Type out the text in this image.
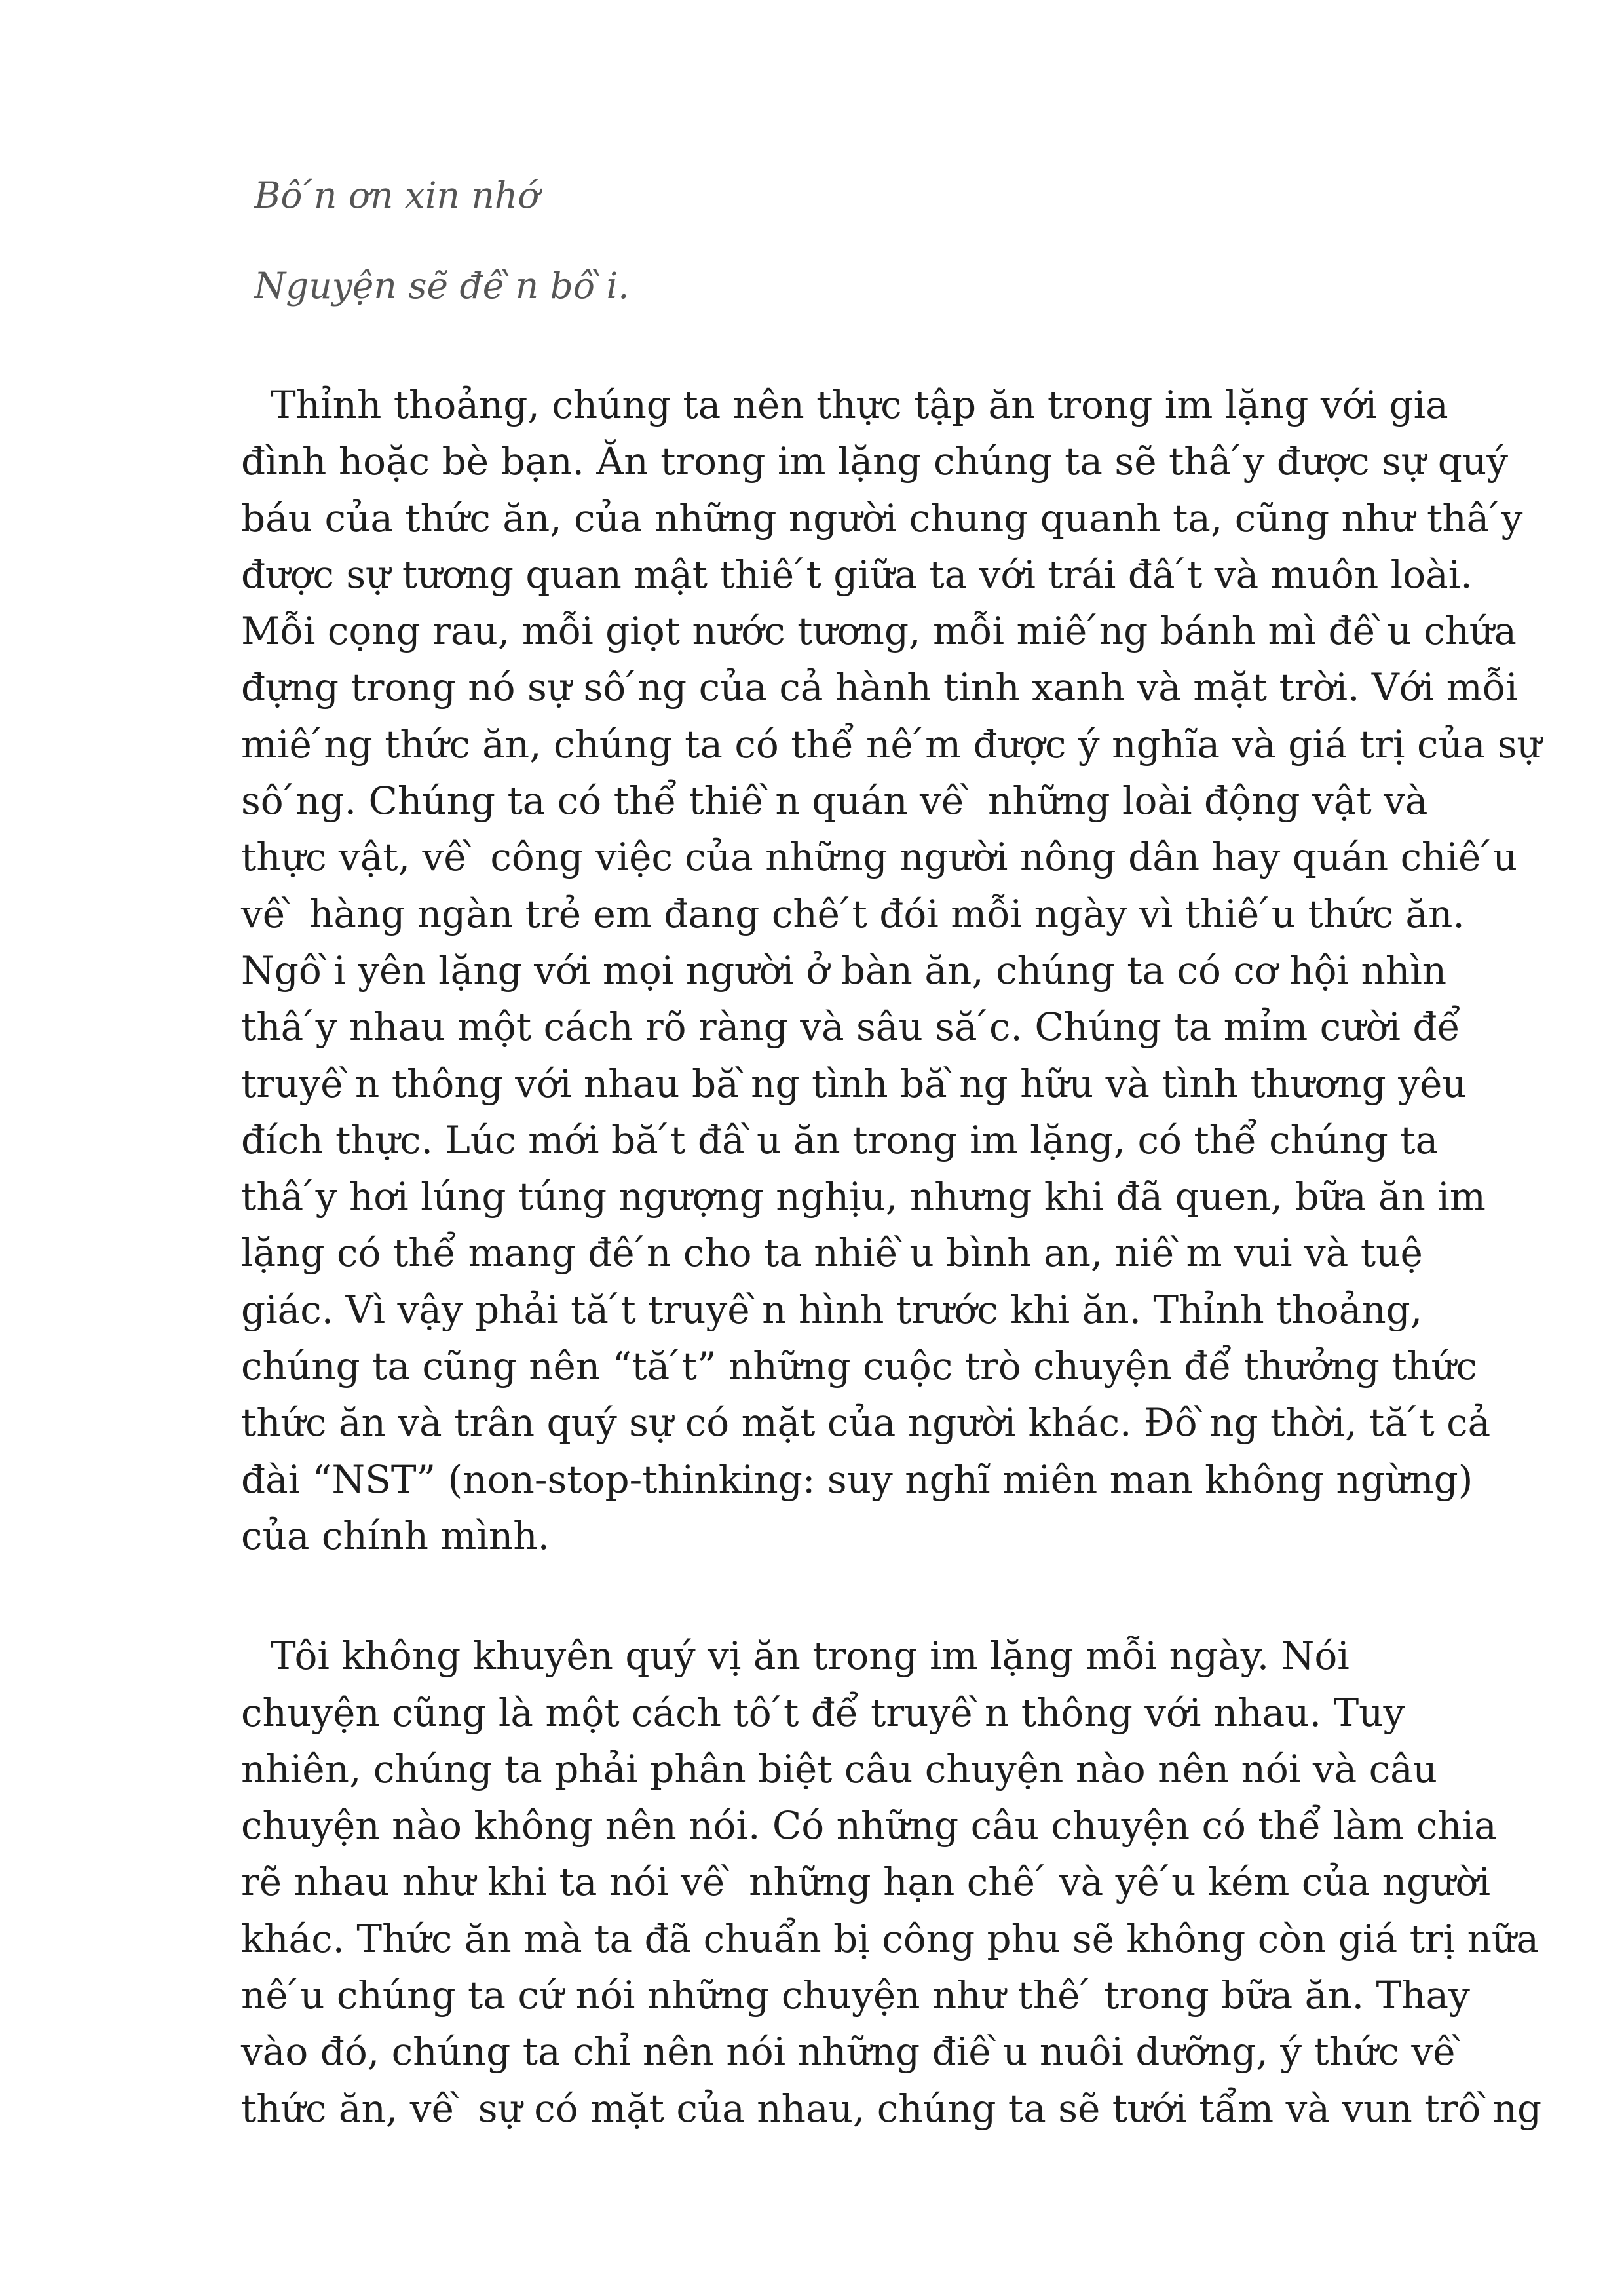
Bô ́n ơn xin nhớ
Nguyện sẽ đê ̀n bô ̀i.
Thỉnh thoảng, chúng ta nên thực tập ăn trong im lặng với gia
đình hoặc bè bạn. Ăn trong im lặng chúng ta sẽ thâ ́y được sự quý
báu của thức ăn, của những người chung quanh ta, cũng như thâ ́y
được sự tương quan mật thiê ́t giữa ta với trái đâ ́t và muôn loài.
Mỗi cọng rau, mỗi giọt nước tương, mỗi miê ́ng bánh mì đê ̀u chứa
đựng trong nó sự sô ́ng của cả hành tinh xanh và mặt trời. Với mỗi
miê ́ng thức ăn, chúng ta có thể nê ́m được ý nghĩa và giá trị của sự
sô ́ng. Chúng ta có thể thiê ̀n quán vê ̀ những loài động vật và
thực vật, vê ̀ công việc của những người nông dân hay quán chiê ́u
vê ̀ hàng ngàn trẻ em đang chê ́t đói mỗi ngày vì thiê ́u thức ăn.
Ngô ̀i yên lặng với mọi người ở bàn ăn, chúng ta có cơ hội nhìn
thâ ́y nhau một cách rõ ràng và sâu să ́c. Chúng ta mỉm cười để
truyê ̀n thông với nhau bă ̀ng tình bă ̀ng hữu và tình thương yêu
đích thực. Lúc mới bă ́t đâ ̀u ăn trong im lặng, có thể chúng ta
thâ ́y hơi lúng túng ngượng nghịu, nhưng khi đã quen, bữa ăn im
lặng có thể mang đê ́n cho ta nhiê ̀u bình an, niê ̀m vui và tuệ
giác. Vì vậy phải tă ́t truyê ̀n hình trước khi ăn. Thỉnh thoảng,
chúng ta cũng nên “tă ́t” những cuộc trò chuyện để thưởng thức
thức ăn và trân quý sự có mặt của người khác. Đô ̀ng thời, tă ́t cả
đài “NST” (non-stop-thinking: suy nghĩ miên man không ngừng)
của chính mình.
Tôi không khuyên quý vị ăn trong im lặng mỗi ngày. Nói
chuyện cũng là một cách tô ́t để truyê ̀n thông với nhau. Tuy
nhiên, chúng ta phải phân biệt câu chuyện nào nên nói và câu
chuyện nào không nên nói. Có những câu chuyện có thể làm chia
rẽ nhau như khi ta nói vê ̀ những hạn chê ́ và yê ́u kém của người
khác. Thức ăn mà ta đã chuẩn bị công phu sẽ không còn giá trị nữa
nê ́u chúng ta cứ nói những chuyện như thê ́ trong bữa ăn. Thay
vào đó, chúng ta chỉ nên nói những điê ̀u nuôi dưỡng, ý thức vê ̀
thức ăn, vê ̀ sự có mặt của nhau, chúng ta sẽ tưới tẩm và vun trô ̀ng
